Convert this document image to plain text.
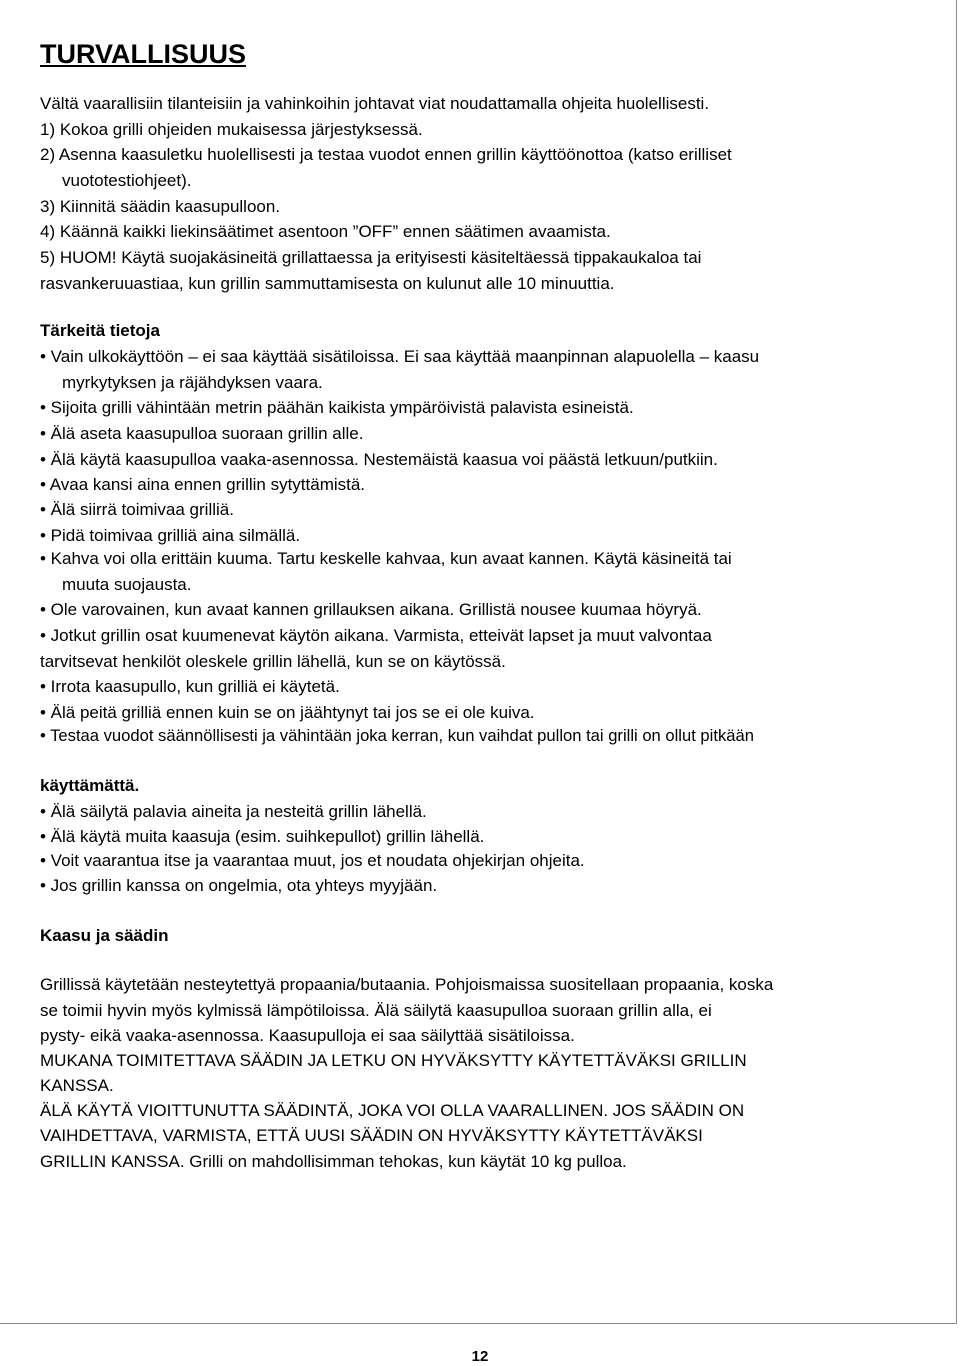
TURVALLISUUS
Vältä vaarallisiin tilanteisiin ja vahinkoihin johtavat viat noudattamalla ohjeita huolellisesti.
1) Kokoa grilli ohjeiden mukaisessa järjestyksessä.
2) Asenna kaasuletku huolellisesti ja testaa vuodot ennen grillin käyttöönottoa (katso erilliset
vuototestiohjeet).
3) Kiinnitä säädin kaasupulloon.
4) Käännä kaikki liekinsäätimet asentoon ”OFF” ennen säätimen avaamista.
5) HUOM! Käytä suojakäsineitä grillattaessa ja erityisesti käsiteltäessä tippakaukaloa tai
rasvankeruuastiaa, kun grillin sammuttamisesta on kulunut alle 10 minuuttia.
Tärkeitä tietoja
• Vain ulkokäyttöön – ei saa käyttää sisätiloissa. Ei saa käyttää maanpinnan alapuolella – kaasu
myrkytyksen ja räjähdyksen vaara.
• Sijoita grilli vähintään metrin päähän kaikista ympäröivistä palavista esineistä.
• Älä aseta kaasupulloa suoraan grillin alle.
• Älä käytä kaasupulloa vaaka-asennossa. Nestemäistä kaasua voi päästä letkuun/putkiin.
• Avaa kansi aina ennen grillin sytyttämistä.
• Älä siirrä toimivaa grilliä.
• Pidä toimivaa grilliä aina silmällä.
• Kahva voi olla erittäin kuuma. Tartu keskelle kahvaa, kun avaat kannen. Käytä käsineitä tai
muuta suojausta.
• Ole varovainen, kun avaat kannen grillauksen aikana. Grillistä nousee kuumaa höyryä.
• Jotkut grillin osat kuumenevat käytön aikana. Varmista, etteivät lapset ja muut valvontaa
tarvitsevat henkilöt oleskele grillin lähellä, kun se on käytössä.
• Irrota kaasupullo, kun grilliä ei käytetä.
• Älä peitä grilliä ennen kuin se on jäähtynyt tai jos se ei ole kuiva.
• Testaa vuodot säännöllisesti ja vähintään joka kerran, kun vaihdat pullon tai grilli on ollut pitkään
käyttämättä.
• Älä säilytä palavia aineita ja nesteitä grillin lähellä.
• Älä käytä muita kaasuja (esim. suihkepullot) grillin lähellä.
• Voit vaarantua itse ja vaarantaa muut, jos et noudata ohjekirjan ohjeita.
• Jos grillin kanssa on ongelmia, ota yhteys myyjään.
Kaasu ja säädin
Grillissä käytetään nesteytettyä propaania/butaania. Pohjoismaissa suositellaan propaania, koska
se toimii hyvin myös kylmissä lämpötiloissa. Älä säilytä kaasupulloa suoraan grillin alla, ei
pysty- eikä vaaka-asennossa. Kaasupulloja ei saa säilyttää sisätiloissa.
MUKANA TOIMITETTAVA SÄÄDIN JA LETKU ON HYVÄKSYTTY KÄYTETTÄVÄKSI GRILLIN
KANSSA.
ÄLÄ KÄYTÄ VIOITTUNUTTA SÄÄDINTÄ, JOKA VOI OLLA VAARALLINEN. JOS SÄÄDIN ON
VAIHDETTAVA, VARMISTA, ETTÄ UUSI SÄÄDIN ON HYVÄKSYTTY KÄYTETTÄVÄKSI
GRILLIN KANSSA. Grilli on mahdollisimman tehokas, kun käytät 10 kg pulloa.
12
